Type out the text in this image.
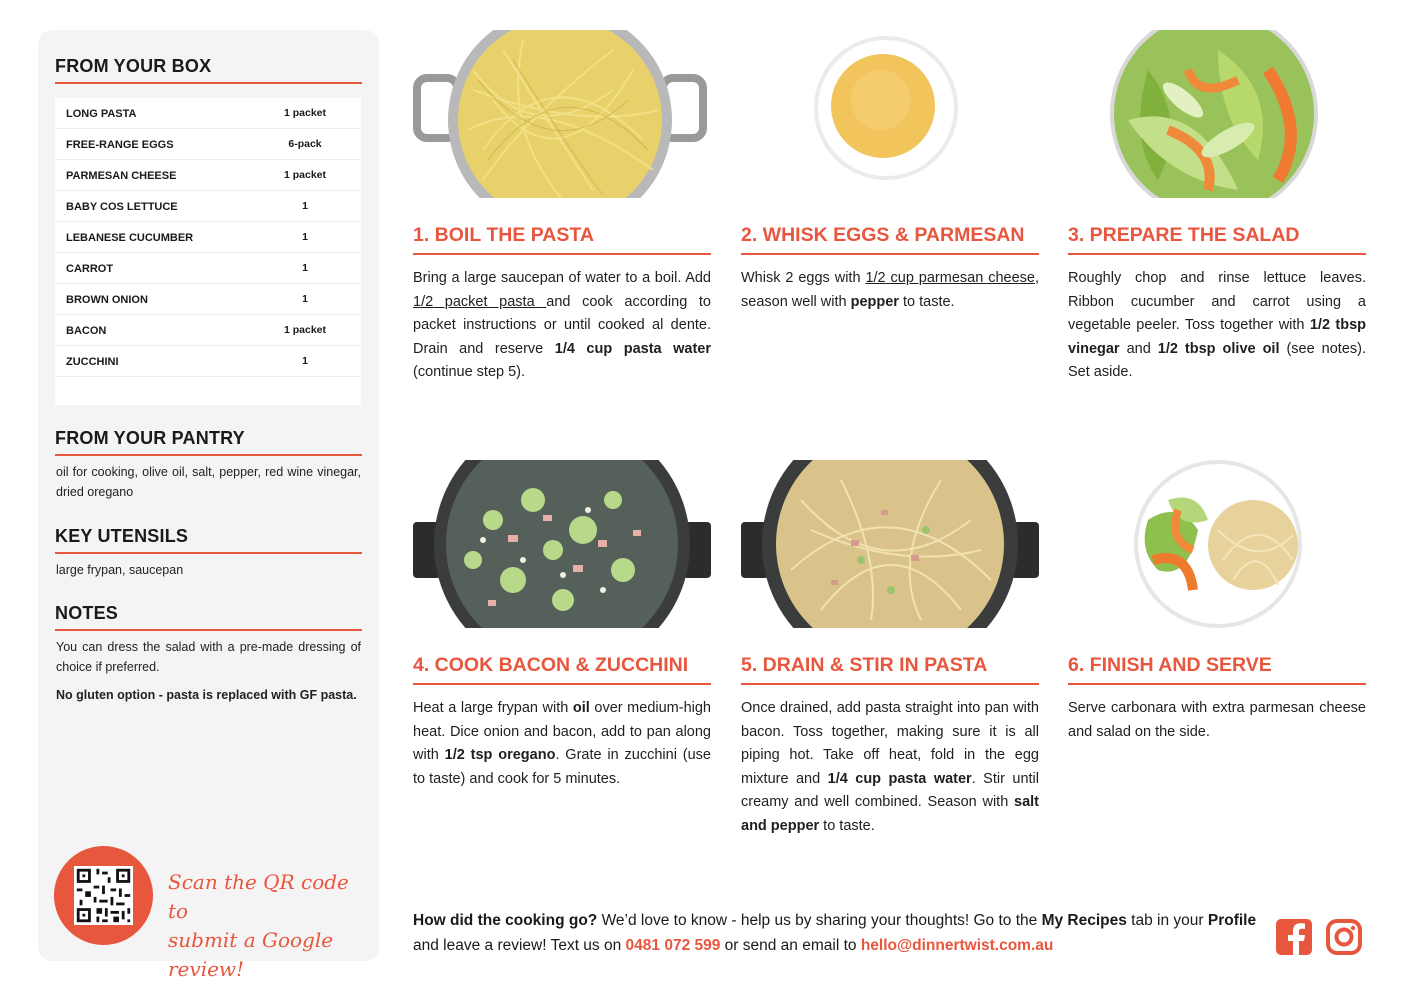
FROM YOUR BOX
LONG PASTA	1 packet
FREE-RANGE EGGS	6-pack
PARMESAN CHEESE	1 packet
BABY COS LETTUCE	1
LEBANESE CUCUMBER	1
CARROT	1
BROWN ONION	1
BACON	1 packet
ZUCCHINI	1
FROM YOUR PANTRY
oil for cooking, olive oil, salt, pepper, red wine vinegar, dried oregano
KEY UTENSILS
large frypan, saucepan
NOTES
You can dress the salad with a pre-made dressing of choice if preferred.
No gluten option - pasta is replaced with GF pasta.
Scan the QR code to
submit a Google review!
1. BOIL THE PASTA
Bring a large saucepan of water to a boil. Add 1/2 packet pasta and cook according to packet instructions or until cooked al dente. Drain and reserve 1/4 cup pasta water (continue step 5).
2. WHISK EGGS & PARMESAN
Whisk 2 eggs with 1/2 cup parmesan cheese, season well with pepper to taste.
3. PREPARE THE SALAD
Roughly chop and rinse lettuce leaves. Ribbon cucumber and carrot using a vegetable peeler. Toss together with 1/2 tbsp vinegar and 1/2 tbsp olive oil (see notes). Set aside.
4. COOK BACON & ZUCCHINI
Heat a large frypan with oil over medium-high heat. Dice onion and bacon, add to pan along with 1/2 tsp oregano. Grate in zucchini (use to taste) and cook for 5 minutes.
5. DRAIN & STIR IN PASTA
Once drained, add pasta straight into pan with bacon. Toss together, making sure it is all piping hot. Take off heat, fold in the egg mixture and 1/4 cup pasta water. Stir until creamy and well combined. Season with salt and pepper to taste.
6. FINISH AND SERVE
Serve carbonara with extra parmesan cheese and salad on the side.
How did the cooking go? We’d love to know - help us by sharing your thoughts! Go to the My Recipes tab in your Profile and leave a review! Text us on 0481 072 599 or send an email to hello@dinnertwist.com.au
